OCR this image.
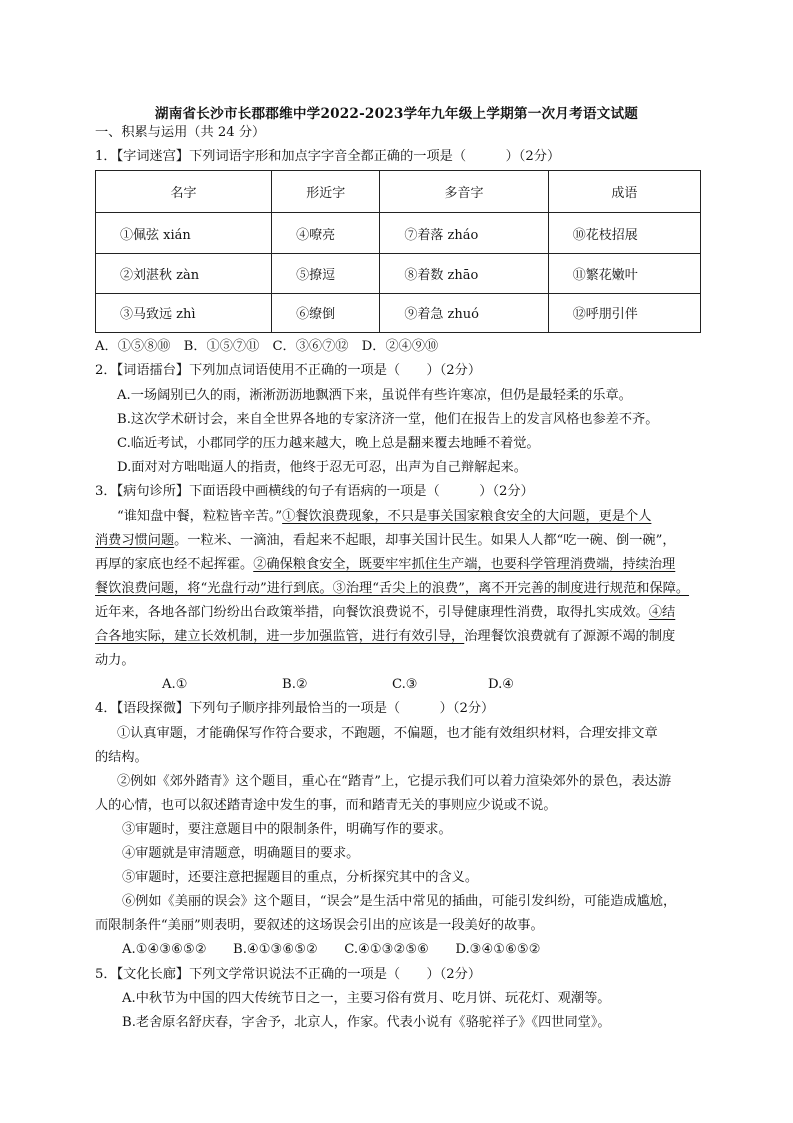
湖南省长沙市长郡郡维中学2022-2023学年九年级上学期第一次月考语文试题
一、积累与运用（共 24 分）
1．【字词迷宫】下列词语字形和加点字字音全都正确的一项是（　　　）（2分）
名字	形近字	多音字	成语
①佩弦 xián	④嘹亮	⑦着落 zháo	⑩花枝招展
②刘湛秋 zàn	⑤撩逗	⑧着数 zhāo	⑪繁花嫩叶
③马致远 zhì	⑥缭倒	⑨着急 zhuó	⑫呼朋引伴
A．①⑤⑧⑩　B．①⑤⑦⑪　C．③⑥⑦⑫　D．②④⑨⑩
2．【词语擂台】下列加点词语使用不正确的一项是（　　）（2分）
A.一场阔别已久的雨，淅淅沥沥地飘洒下来，虽说伴有些许寒凉，但仍是最轻柔的乐章。
B.这次学术研讨会，来自全世界各地的专家济济一堂，他们在报告上的发言风格也参差不齐。
C.临近考试，小郡同学的压力越来越大，晚上总是翻来覆去地睡不着觉。
D.面对对方咄咄逼人的指责，他终于忍无可忍，出声为自己辩解起来。
3．【病句诊所】下面语段中画横线的句子有语病的一项是（　　　）（2分）
“谁知盘中餐，粒粒皆辛苦。”①餐饮浪费现象，不只是事关国家粮食安全的大问题，更是个人
消费习惯问题。一粒米、一滴油，看起来不起眼，却事关国计民生。如果人人都“吃一碗、倒一碗”，
再厚的家底也经不起挥霍。②确保粮食安全，既要牢牢抓住生产端，也要科学管理消费端，持续治理
餐饮浪费问题，将“光盘行动”进行到底。③治理“舌尖上的浪费”，离不开完善的制度进行规范和保障。
近年来，各地各部门纷纷出台政策举措，向餐饮浪费说不，引导健康理性消费，取得扎实成效。④结
合各地实际，建立长效机制，进一步加强监管，进行有效引导，治理餐饮浪费就有了源源不竭的制度
动力。
A.①	B.②	C.③	D.④
4．【语段探微】下列句子顺序排列最恰当的一项是（　　　）（2分）
①认真审题，才能确保写作符合要求，不跑题，不偏题，也才能有效组织材料，合理安排文章
的结构。
②例如《郊外踏青》这个题目，重心在“踏青”上，它提示我们可以着力渲染郊外的景色，表达游
人的心情，也可以叙述踏青途中发生的事，而和踏青无关的事则应少说或不说。
③审题时，要注意题目中的限制条件，明确写作的要求。
④审题就是审清题意，明确题目的要求。
⑤审题时，还要注意把握题目的重点，分析探究其中的含义。
⑥例如《美丽的误会》这个题目，“误会”是生活中常见的插曲，可能引发纠纷，可能造成尴尬，
而限制条件“美丽”则表明，要叙述的这场误会引出的应该是一段美好的故事。
A.①④③⑥⑤②　　B.④①③⑥⑤②　　C.④①③②⑤⑥　　D.③④①⑥⑤②
5．【文化长廊】下列文学常识说法不正确的一项是（　　）（2分）
A.中秋节为中国的四大传统节日之一，主要习俗有赏月、吃月饼、玩花灯、观潮等。
B.老舍原名舒庆春，字舍予，北京人，作家。代表小说有《骆驼祥子》《四世同堂》。
